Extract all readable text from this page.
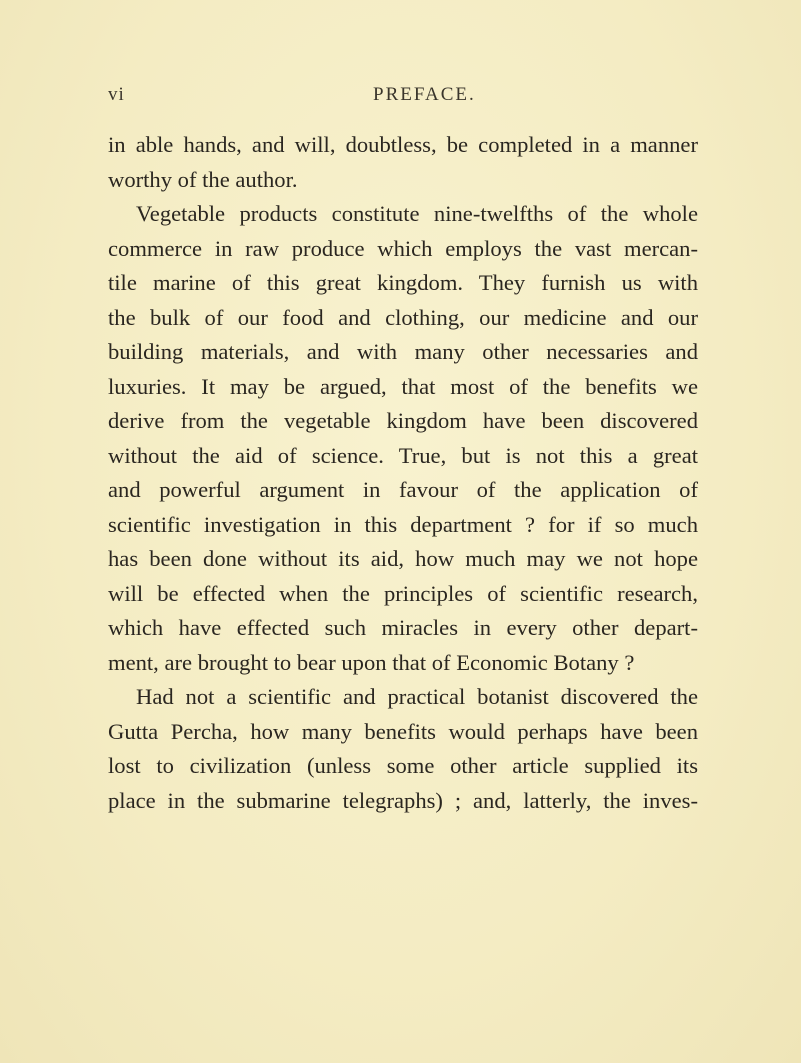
vi	PREFACE.
in able hands, and will, doubtless, be completed in a manner
worthy of the author.
Vegetable products constitute nine-twelfths of the whole
commerce in raw produce which employs the vast mercan-
tile marine of this great kingdom. They furnish us with
the bulk of our food and clothing, our medicine and our
building materials, and with many other necessaries and
luxuries. It may be argued, that most of the benefits we
derive from the vegetable kingdom have been discovered
without the aid of science. True, but is not this a great
and powerful argument in favour of the application of
scientific investigation in this department ? for if so much
has been done without its aid, how much may we not hope
will be effected when the principles of scientific research,
which have effected such miracles in every other depart-
ment, are brought to bear upon that of Economic Botany ?
Had not a scientific and practical botanist discovered the
Gutta Percha, how many benefits would perhaps have been
lost to civilization (unless some other article supplied its
place in the submarine telegraphs) ; and, latterly, the inves-
